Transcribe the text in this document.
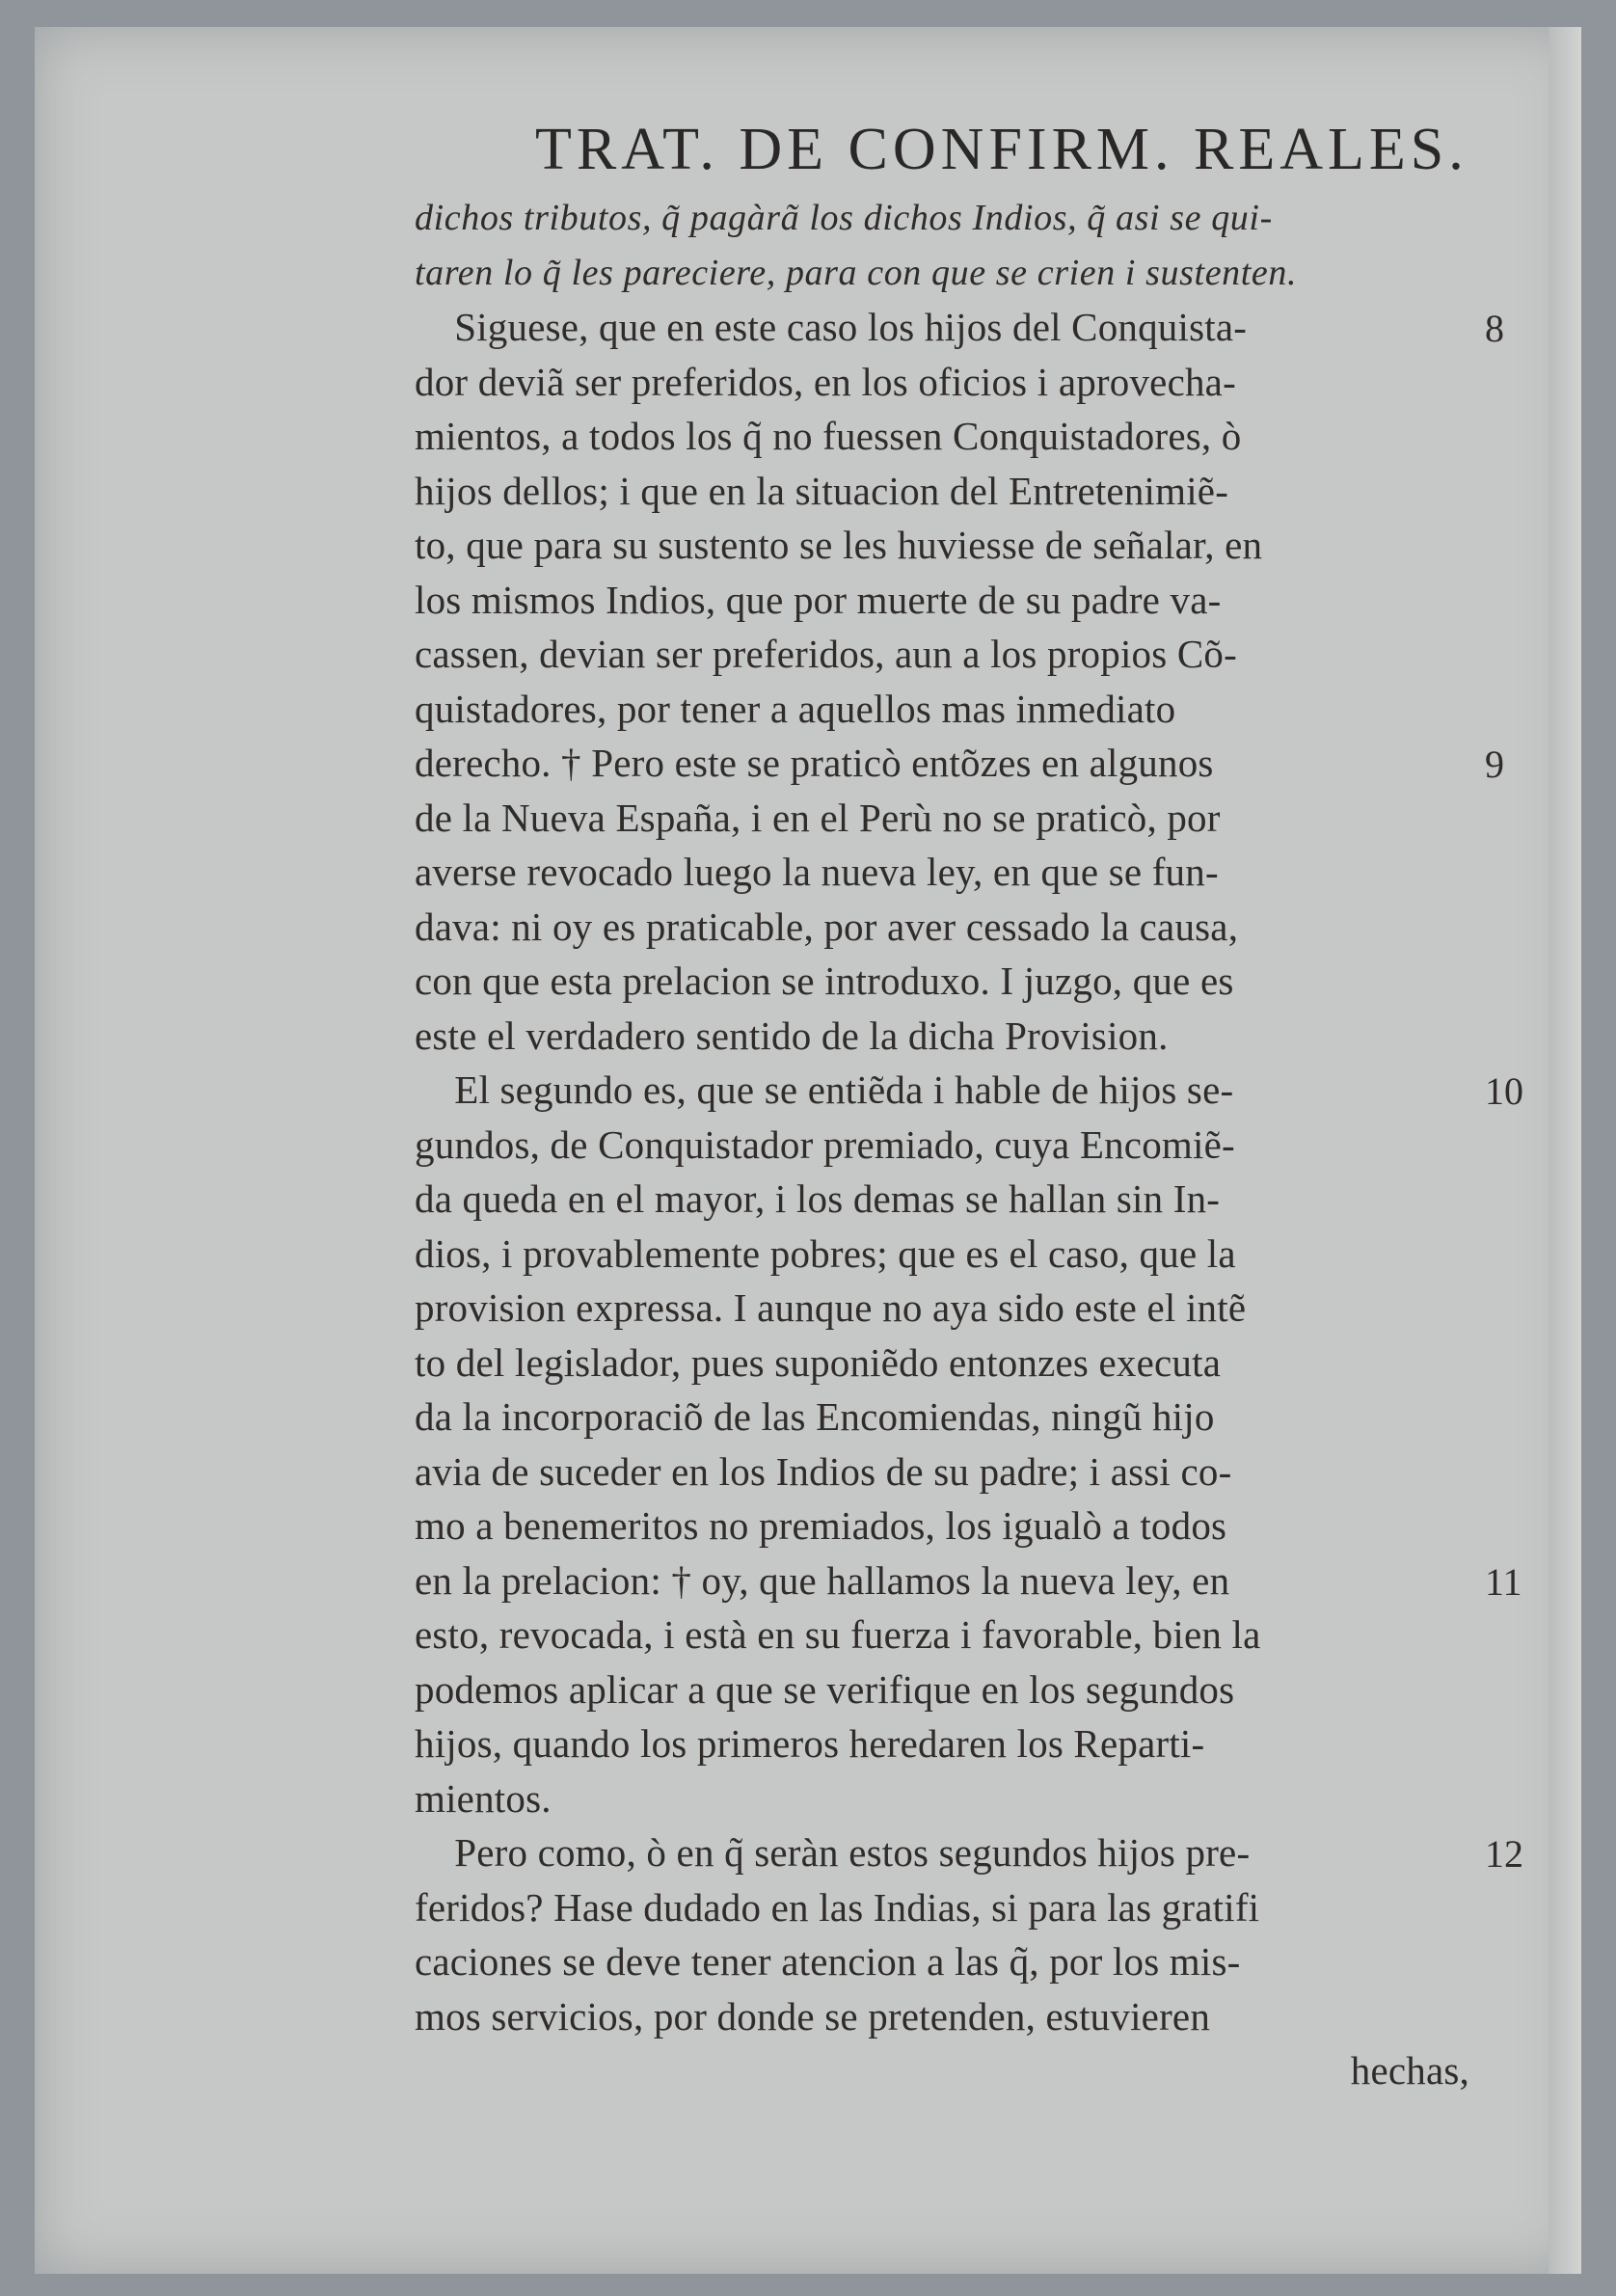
TRAT. DE CONFIRM. REALES.
dichos tributos, q̃ pagàrã los dichos Indios, q̃ asi se qui-
taren lo q̃ les pareciere, para con que se crien i sustenten.
 Siguese, que en este caso los hijos del Conquista-
dor deviã ser preferidos, en los oficios i aprovecha-
mientos, a todos los q̃ no fuessen Conquistadores, ò
hijos dellos; i que en la situacion del Entretenimiẽ-
to, que para su sustento se les huviesse de señalar, en
los mismos Indios, que por muerte de su padre va-
cassen, devian ser preferidos, aun a los propios Cõ-
quistadores, por tener a aquellos mas inmediato
derecho. † Pero este se praticò entõzes en algunos
de la Nueva España, i en el Perù no se praticò, por
averse revocado luego la nueva ley, en que se fun-
dava: ni oy es praticable, por aver cessado la causa,
con que esta prelacion se introduxo. I juzgo, que es
este el verdadero sentido de la dicha Provision.
 El segundo es, que se entiẽda i hable de hijos se-
gundos, de Conquistador premiado, cuya Encomiẽ-
da queda en el mayor, i los demas se hallan sin In-
dios, i provablemente pobres; que es el caso, que la
provision expressa. I aunque no aya sido este el intẽ
to del legislador, pues suponiẽdo entonzes executa
da la incorporaciõ de las Encomiendas, ningũ hijo
avia de suceder en los Indios de su padre; i assi co-
mo a benemeritos no premiados, los igualò a todos
en la prelacion: † oy, que hallamos la nueva ley, en
esto, revocada, i està en su fuerza i favorable, bien la
podemos aplicar a que se verifique en los segundos
hijos, quando los primeros heredaren los Reparti-
mientos.
 Pero como, ò en q̃ seràn estos segundos hijos pre-
feridos? Hase dudado en las Indias, si para las gratifi
caciones se deve tener atencion a las q̃, por los mis-
mos servicios, por donde se pretenden, estuvieren
hechas,
8
9
10
11
12
